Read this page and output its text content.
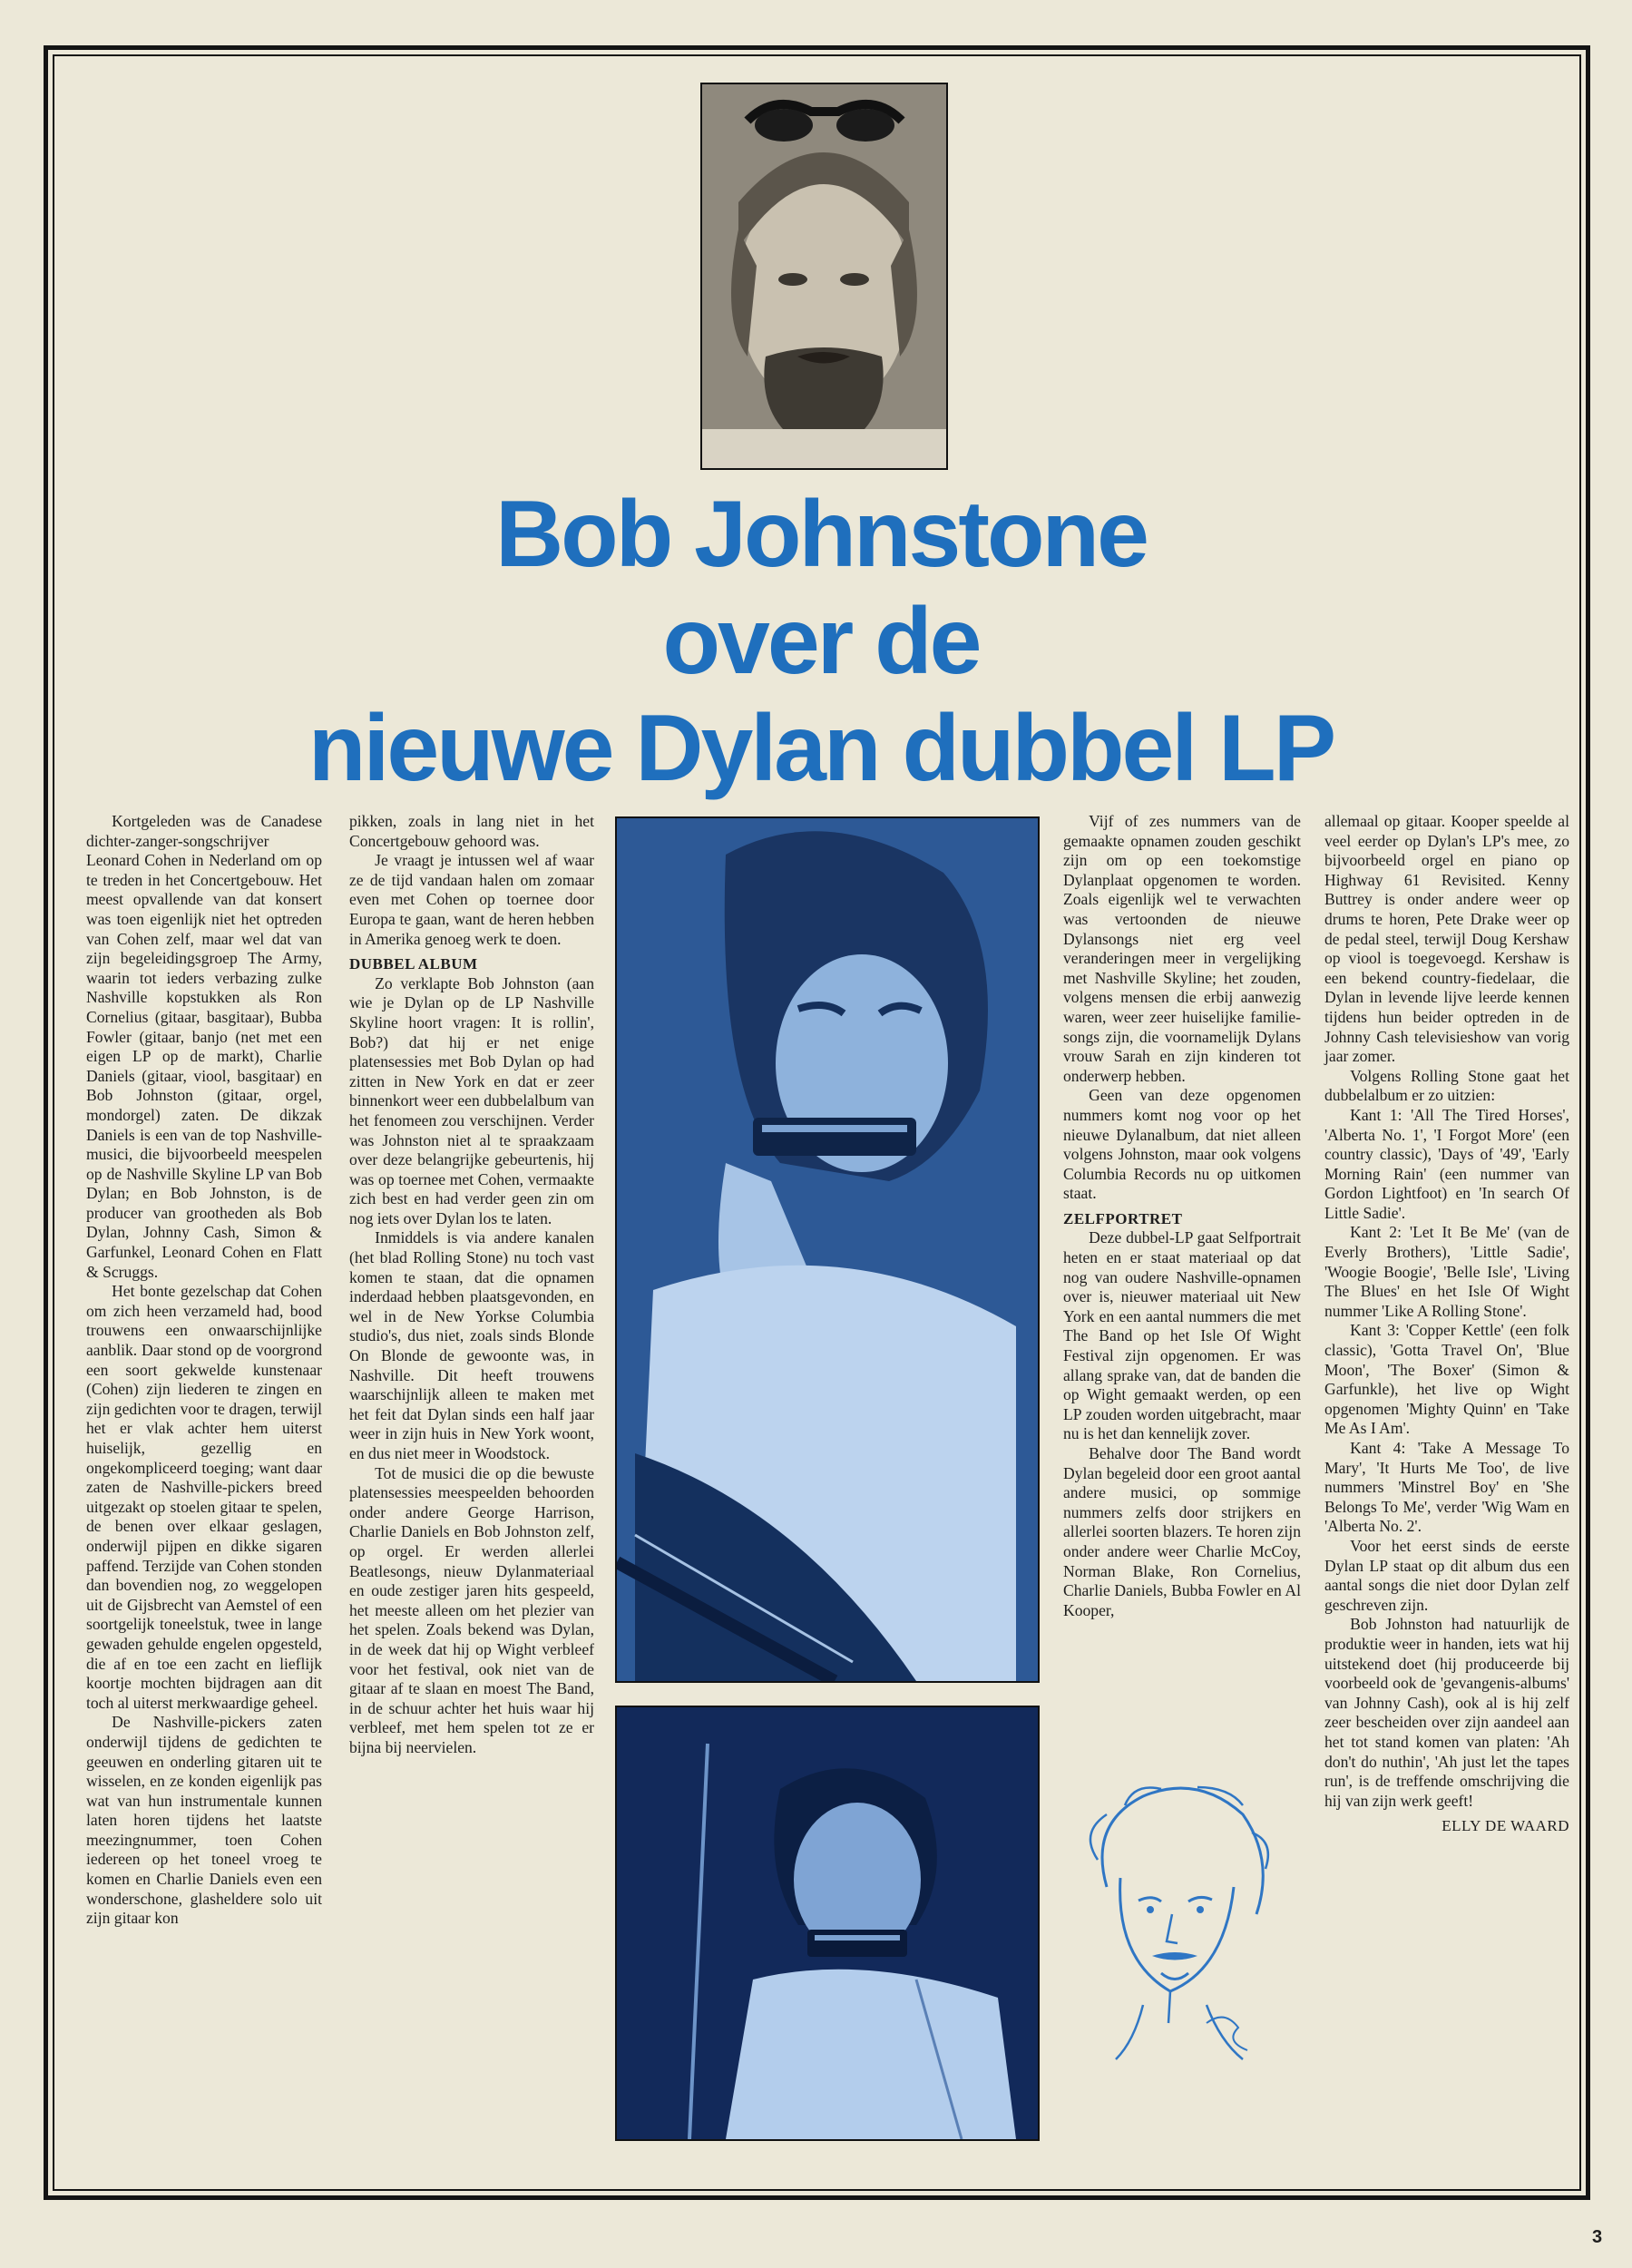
Bob Johnstone
over de
nieuwe Dylan dubbel LP

Kortgeleden was de Canadese dichter-zanger-songschrijver Leonard Cohen in Nederland om op te treden in het Concertgebouw. Het meest opvallende van dat konsert was toen eigenlijk niet het optreden van Cohen zelf, maar wel dat van zijn begeleidingsgroep The Army, waarin tot ieders verbazing zulke Nashville kopstukken als Ron Cornelius (gitaar, basgitaar), Bubba Fowler (gitaar, banjo (net met een eigen LP op de markt), Charlie Daniels (gitaar, viool, basgitaar) en Bob Johnston (gitaar, orgel, mondorgel) zaten. De dikzak Daniels is een van de top Nashville-musici, die bijvoorbeeld meespelen op de Nashville Skyline LP van Bob Dylan; en Bob Johnston, is de producer van grootheden als Bob Dylan, Johnny Cash, Simon & Garfunkel, Leonard Cohen en Flatt & Scruggs.

Het bonte gezelschap dat Cohen om zich heen verzameld had, bood trouwens een onwaarschijnlijke aanblik. Daar stond op de voorgrond een soort gekwelde kunstenaar (Cohen) zijn liederen te zingen en zijn gedichten voor te dragen, terwijl het er vlak achter hem uiterst huiselijk, gezellig en ongekompliceerd toeging; want daar zaten de Nashville-pickers breed uitgezakt op stoelen gitaar te spelen, de benen over elkaar geslagen, onderwijl pijpen en dikke sigaren paffend. Terzijde van Cohen stonden dan bovendien nog, zo weggelopen uit de Gijsbrecht van Aemstel of een soortgelijk toneelstuk, twee in lange gewaden gehulde engelen opgesteld, die af en toe een zacht en lieflijk koortje mochten bijdragen aan dit toch al uiterst merkwaardige geheel.

De Nashville-pickers zaten onderwijl tijdens de gedichten te geeuwen en onderling gitaren uit te wisselen, en ze konden eigenlijk pas wat van hun instrumentale kunnen laten horen tijdens het laatste meezingnummer, toen Cohen iedereen op het toneel vroeg te komen en Charlie Daniels even een wonderschone, glasheldere solo uit zijn gitaar kon

pikken, zoals in lang niet in het Concertgebouw gehoord was.

Je vraagt je intussen wel af waar ze de tijd vandaan halen om zomaar even met Cohen op toernee door Europa te gaan, want de heren hebben in Amerika genoeg werk te doen.

DUBBEL ALBUM

Zo verklapte Bob Johnston (aan wie je Dylan op de LP Nashville Skyline hoort vragen: It is rollin', Bob?) dat hij er net enige platensessies met Bob Dylan op had zitten in New York en dat er zeer binnenkort weer een dubbelalbum van het fenomeen zou verschijnen. Verder was Johnston niet al te spraakzaam over deze belangrijke gebeurtenis, hij was op toernee met Cohen, vermaakte zich best en had verder geen zin om nog iets over Dylan los te laten.

Inmiddels is via andere kanalen (het blad Rolling Stone) nu toch vast komen te staan, dat die opnamen inderdaad hebben plaatsgevonden, en wel in de New Yorkse Columbia studio's, dus niet, zoals sinds Blonde On Blonde de gewoonte was, in Nashville. Dit heeft trouwens waarschijnlijk alleen te maken met het feit dat Dylan sinds een half jaar weer in zijn huis in New York woont, en dus niet meer in Woodstock.

Tot de musici die op die bewuste platensessies meespeelden behoorden onder andere George Harrison, Charlie Daniels en Bob Johnston zelf, op orgel. Er werden allerlei Beatlesongs, nieuw Dylanmateriaal en oude zestiger jaren hits gespeeld, het meeste alleen om het plezier van het spelen. Zoals bekend was Dylan, in de week dat hij op Wight verbleef voor het festival, ook niet van de gitaar af te slaan en moest The Band, in de schuur achter het huis waar hij verbleef, met hem spelen tot ze er bijna bij neervielen.

Vijf of zes nummers van de gemaakte opnamen zouden geschikt zijn om op een toekomstige Dylanplaat opgenomen te worden. Zoals eigenlijk wel te verwachten was vertoonden de nieuwe Dylansongs niet erg veel veranderingen meer in vergelijking met Nashville Skyline; het zouden, volgens mensen die erbij aanwezig waren, weer zeer huiselijke familie-songs zijn, die voornamelijk Dylans vrouw Sarah en zijn kinderen tot onderwerp hebben.

Geen van deze opgenomen nummers komt nog voor op het nieuwe Dylanalbum, dat niet alleen volgens Johnston, maar ook volgens Columbia Records nu op uitkomen staat.

ZELFPORTRET

Deze dubbel-LP gaat Selfportrait heten en er staat materiaal op dat nog van oudere Nashville-opnamen over is, nieuwer materiaal uit New York en een aantal nummers die met The Band op het Isle Of Wight Festival zijn opgenomen. Er was allang sprake van, dat de banden die op Wight gemaakt werden, op een LP zouden worden uitgebracht, maar nu is het dan kennelijk zover.

Behalve door The Band wordt Dylan begeleid door een groot aantal andere musici, op sommige nummers zelfs door strijkers en allerlei soorten blazers. Te horen zijn onder andere weer Charlie McCoy, Norman Blake, Ron Cornelius, Charlie Daniels, Bubba Fowler en Al Kooper,

allemaal op gitaar. Kooper speelde al veel eerder op Dylan's LP's mee, zo bijvoorbeeld orgel en piano op Highway 61 Revisited. Kenny Buttrey is onder andere weer op drums te horen, Pete Drake weer op de pedal steel, terwijl Doug Kershaw op viool is toegevoegd. Kershaw is een bekend country-fiedelaar, die Dylan in levende lijve leerde kennen tijdens hun beider optreden in de Johnny Cash televisieshow van vorig jaar zomer.

Volgens Rolling Stone gaat het dubbelalbum er zo uitzien:

Kant 1: 'All The Tired Horses', 'Alberta No. 1', 'I Forgot More' (een country classic), 'Days of '49', 'Early Morning Rain' (een nummer van Gordon Lightfoot) en 'In search Of Little Sadie'.

Kant 2: 'Let It Be Me' (van de Everly Brothers), 'Little Sadie', 'Woogie Boogie', 'Belle Isle', 'Living The Blues' en het Isle Of Wight nummer 'Like A Rolling Stone'.

Kant 3: 'Copper Kettle' (een folk classic), 'Gotta Travel On', 'Blue Moon', 'The Boxer' (Simon & Garfunkle), het live op Wight opgenomen 'Mighty Quinn' en 'Take Me As I Am'.

Kant 4: 'Take A Message To Mary', 'It Hurts Me Too', de live nummers 'Minstrel Boy' en 'She Belongs To Me', verder 'Wig Wam en 'Alberta No. 2'.

Voor het eerst sinds de eerste Dylan LP staat op dit album dus een aantal songs die niet door Dylan zelf geschreven zijn.

Bob Johnston had natuurlijk de produktie weer in handen, iets wat hij uitstekend doet (hij produceerde bij voorbeeld ook de 'gevangenis-albums' van Johnny Cash), ook al is hij zelf zeer bescheiden over zijn aandeel aan het tot stand komen van platen: 'Ah don't do nuthin', 'Ah just let the tapes run', is de treffende omschrijving die hij van zijn werk geeft!

ELLY DE WAARD
3
